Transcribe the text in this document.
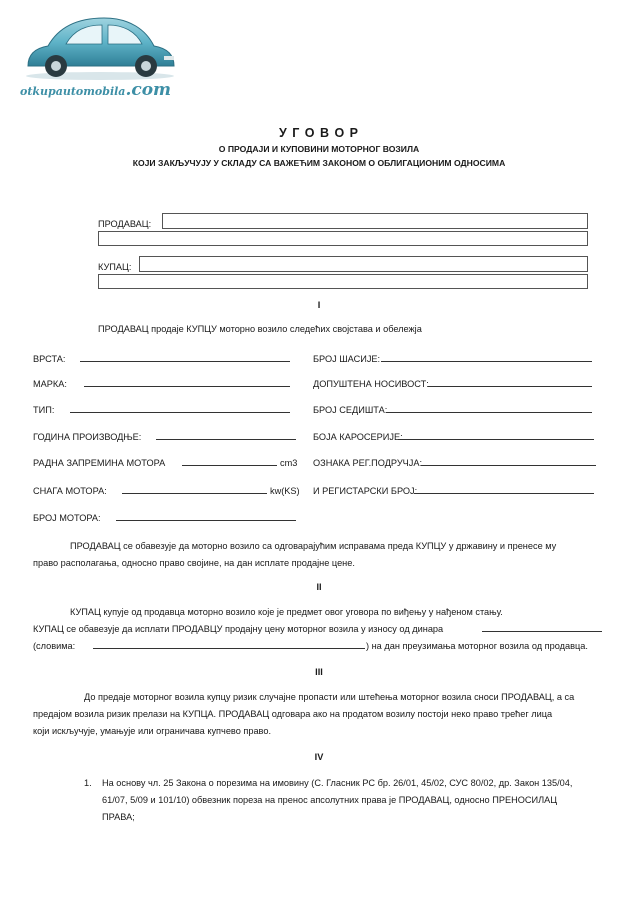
otkupautomobila.com
У Г О В О Р
О ПРОДАЈИ И КУПОВИНИ МОТОРНОГ ВОЗИЛА
КОЈИ ЗАКЉУЧУЈУ У СКЛАДУ СА ВАЖЕЋИМ ЗАКОНОМ О ОБЛИГАЦИОНИМ ОДНОСИМА
ПРОДАВАЦ:
КУПАЦ:
I
ПРОДАВАЦ продаје КУПЦУ моторно возило следећих својстава и обележја
ВРСТА:
МАРКА:
ТИП:
ГОДИНА ПРОИЗВОДЊЕ:
РАДНА ЗАПРЕМИНА МОТОРА	cm3
СНАГА МОТОРА:	kw(KS)
БРОЈ МОТОРА:
БРОЈ ШАСИЈЕ:
ДОПУШТЕНА НОСИВОСТ:
БРОЈ СЕДИШТА:
БОЈА КАРОСЕРИЈЕ:
ОЗНАКА РЕГ.ПОДРУЧЈА:
И РЕГИСТАРСКИ БРОЈ:
ПРОДАВАЦ се обавезује да моторно возило са одговарајућим исправама преда КУПЦУ у државину и пренесе му
право располагања, односно право својине, на дан исплате продајне цене.
II
КУПАЦ купује од продавца моторно возило које је предмет овог уговора по виђењу у нађеном стању.
КУПАЦ се обавезује да исплати ПРОДАВЦУ продајну цену моторног возила у износу од динара
(словима:	) на дан преузимања моторног возила од продавца.
III
До предаје моторног возила купцу ризик случајне пропасти или штећења моторног возила сноси ПРОДАВАЦ, а са
предајом возила ризик прелази на КУПЦА. ПРОДАВАЦ одговара ако на продатом возилу постоји неко право трећег лица
који искључује, умањује или ограничава купчево право.
IV
1. На основу чл. 25 Закона о порезима на имовину (С. Гласник РС бр. 26/01, 45/02, СУС 80/02, др. Закон 135/04,
61/07, 5/09 и 101/10) обвезник пореза на пренос апсолутних права је ПРОДАВАЦ, односно ПРЕНОСИЛАЦ
ПРАВА;
